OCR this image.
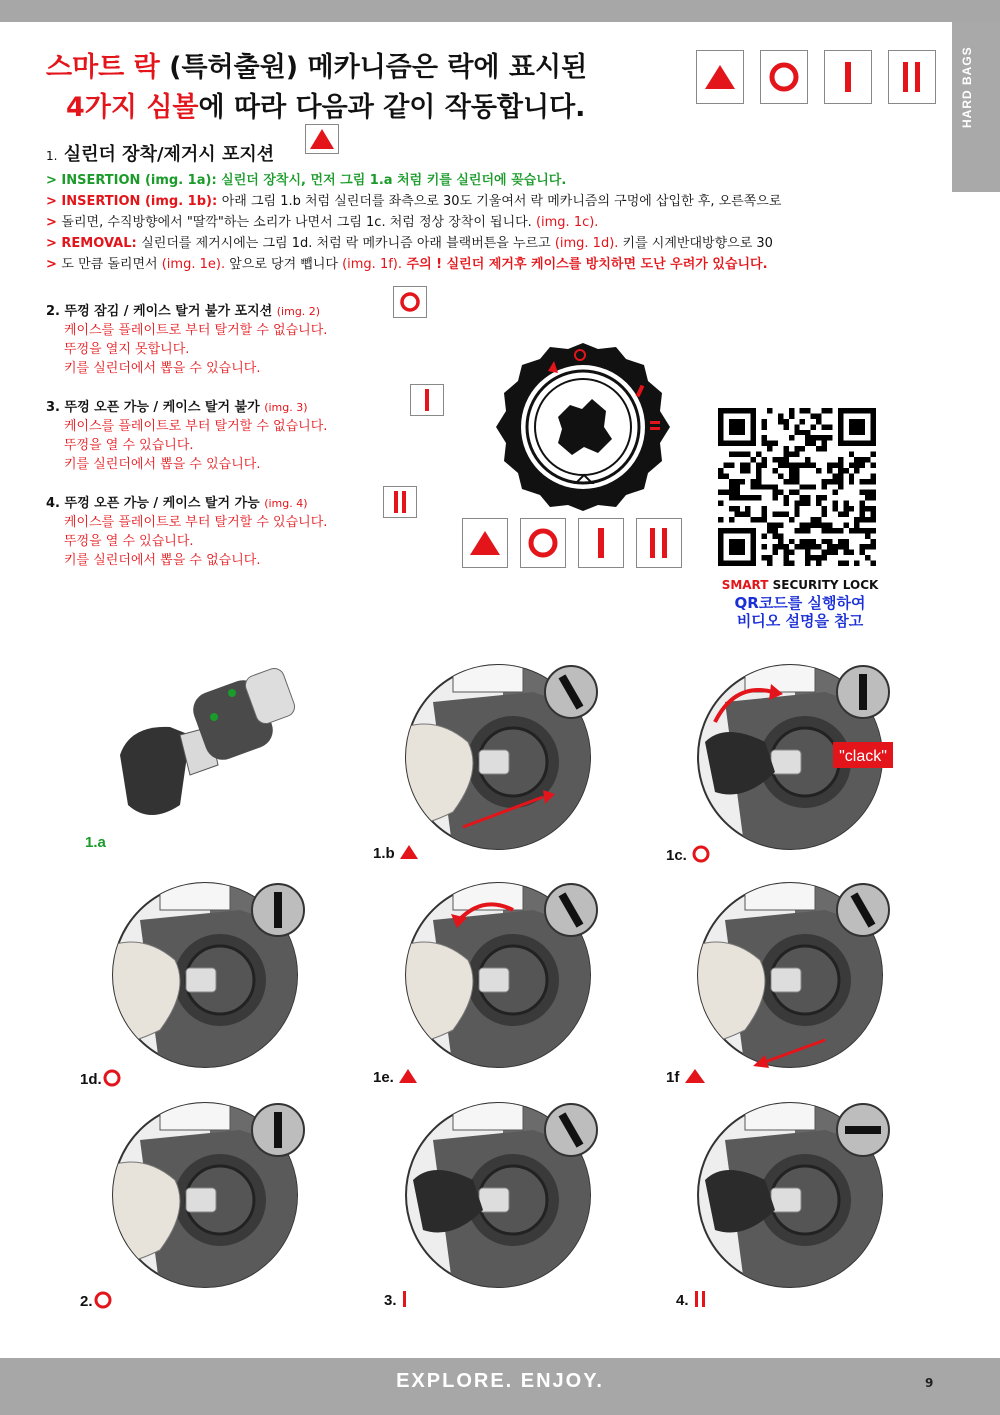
HARD BAGS
스마트 락 (특허출원) 메카니즘은 락에 표시된
4가지 심볼에 따라 다음과 같이 작동합니다.
1. 실린더 장착/제거시 포지션
> INSERTION (img. 1a): 실린더 장착시, 먼저 그림 1.a 처럼 키를 실린더에 꽂습니다.
> INSERTION (img. 1b): 아래 그림 1.b 처럼 실린더를 좌측으로 30도 기울여서 락 메카니즘의 구멍에 삽입한 후, 오른쪽으로
> 돌리면, 수직방향에서 "딸깍"하는 소리가 나면서 그림 1c. 처럼 정상 장착이 됩니다. (img. 1c).
> REMOVAL: 실린더를 제거시에는 그림 1d. 처럼 락 메카니즘 아래 블랙버튼을 누르고 (img. 1d). 키를 시계반대방향으로 30
> 도 만큼 돌리면서 (img. 1e). 앞으로 당겨 뺍니다 (img. 1f). 주의 ! 실린더 제거후 케이스를 방치하면 도난 우려가 있습니다.
2. 뚜껑 잠김 / 케이스 탈거 불가 포지션 (img. 2)
케이스를 플레이트로 부터 탈거할 수 없습니다.
뚜껑을 열지 못합니다.
키를 실린더에서 뽑을 수 있습니다.
3. 뚜껑 오픈 가능 / 케이스 탈거 불가 (img. 3)
케이스를 플레이트로 부터 탈거할 수 없습니다.
뚜껑을 열 수 있습니다.
키를 실린더에서 뽑을 수 있습니다.
4. 뚜껑 오픈 가능 / 케이스 탈거 가능 (img. 4)
케이스를 플레이트로 부터 탈거할 수 있습니다.
뚜껑을 열 수 있습니다.
키를 실린더에서 뽑을 수 없습니다.
SMART SECURITY LOCK
QR코드를 실행하여
비디오 설명을 참고
1.a
"clack"
1.b	1c.
1d.	1e.	1f
2.	3.	4.
EXPLORE. ENJOY.	9
